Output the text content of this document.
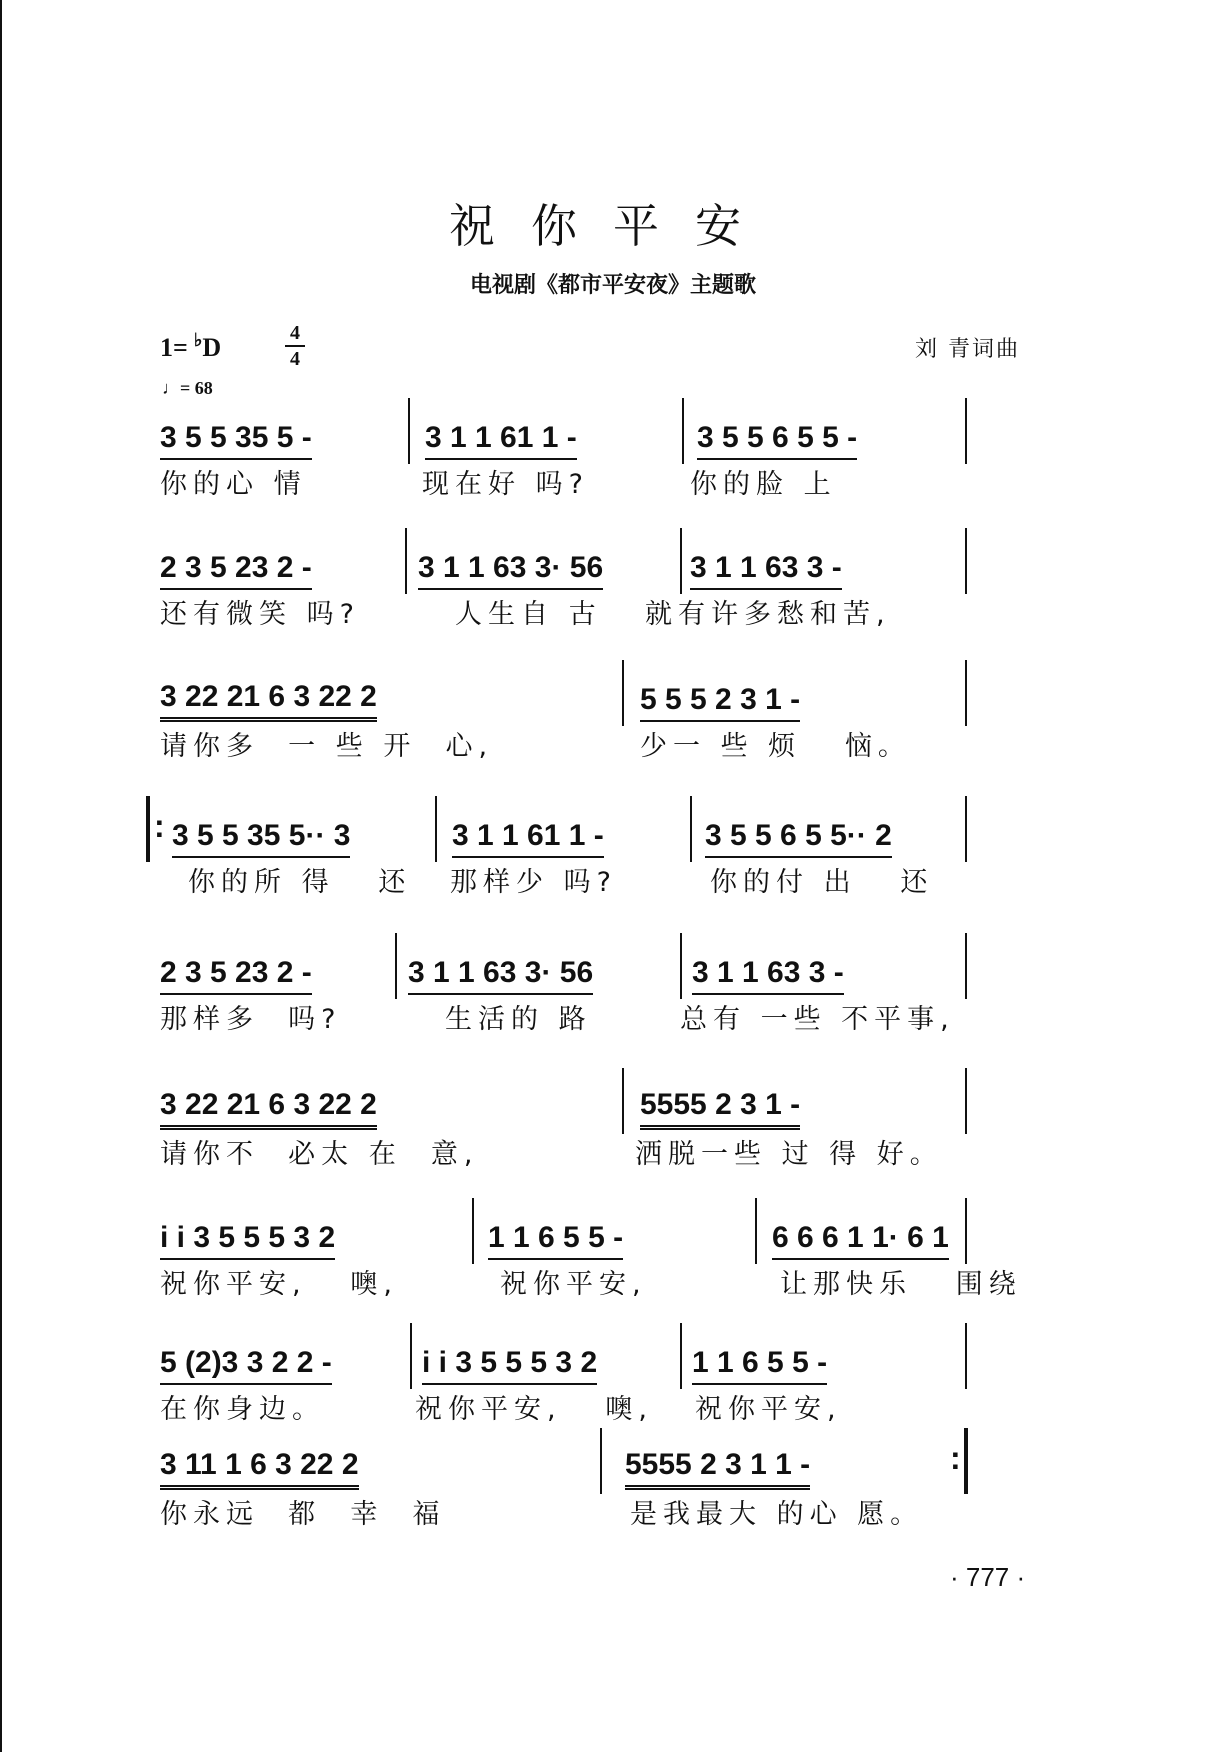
祝你平安
电视剧《都市平安夜》主题歌
1= ♭D	4
4
♩= 68
刘 青词曲
3 5 5 35 5 -	3 1 1 61 1 -	3 5 5 6 5 5 -
你的心 情	现在好 吗?	你的脸 上
2 3 5 23 2 -	3 1 1 63 3· 56	3 1 1 63 3 -
还有微笑 吗?	人生自 古 就有许多愁和苦,
3 22 21 6 3 22 2	5 5 5 2 3 1 -
请你多  一 些 开  心,	少一 些 烦   恼。
:
3 5 5 35 5·· 3	3 1 1 61 1 -	3 5 5 6 5 5·· 2
你的所 得   还 那样少 吗?	你的付 出   还
2 3 5 23 2 -	3 1 1 63 3· 56	3 1 1 63 3 -
那样多  吗?	生活的 路	总有 一些 不平事,
3 22 21 6 3 22 2	5555 2 3 1 -
请你不  必太 在  意,	洒脱一些 过 得 好。
i i 3 5 5 5 3 2	1 1 6 5 5 -	6 6 6 1 1· 6 1
祝你平安,   噢,	祝你平安,	让那快乐   围绕
5 (2)3 3 2 2 -	i i 3 5 5 5 3 2	1 1 6 5 5 -
在你身边。	祝你平安,   噢, 祝你平安,
3 11 1 6 3 22 2	5555 2 3 1 1 -
:
你永远  都  幸  福	是我最大 的心 愿。
· 777 ·
